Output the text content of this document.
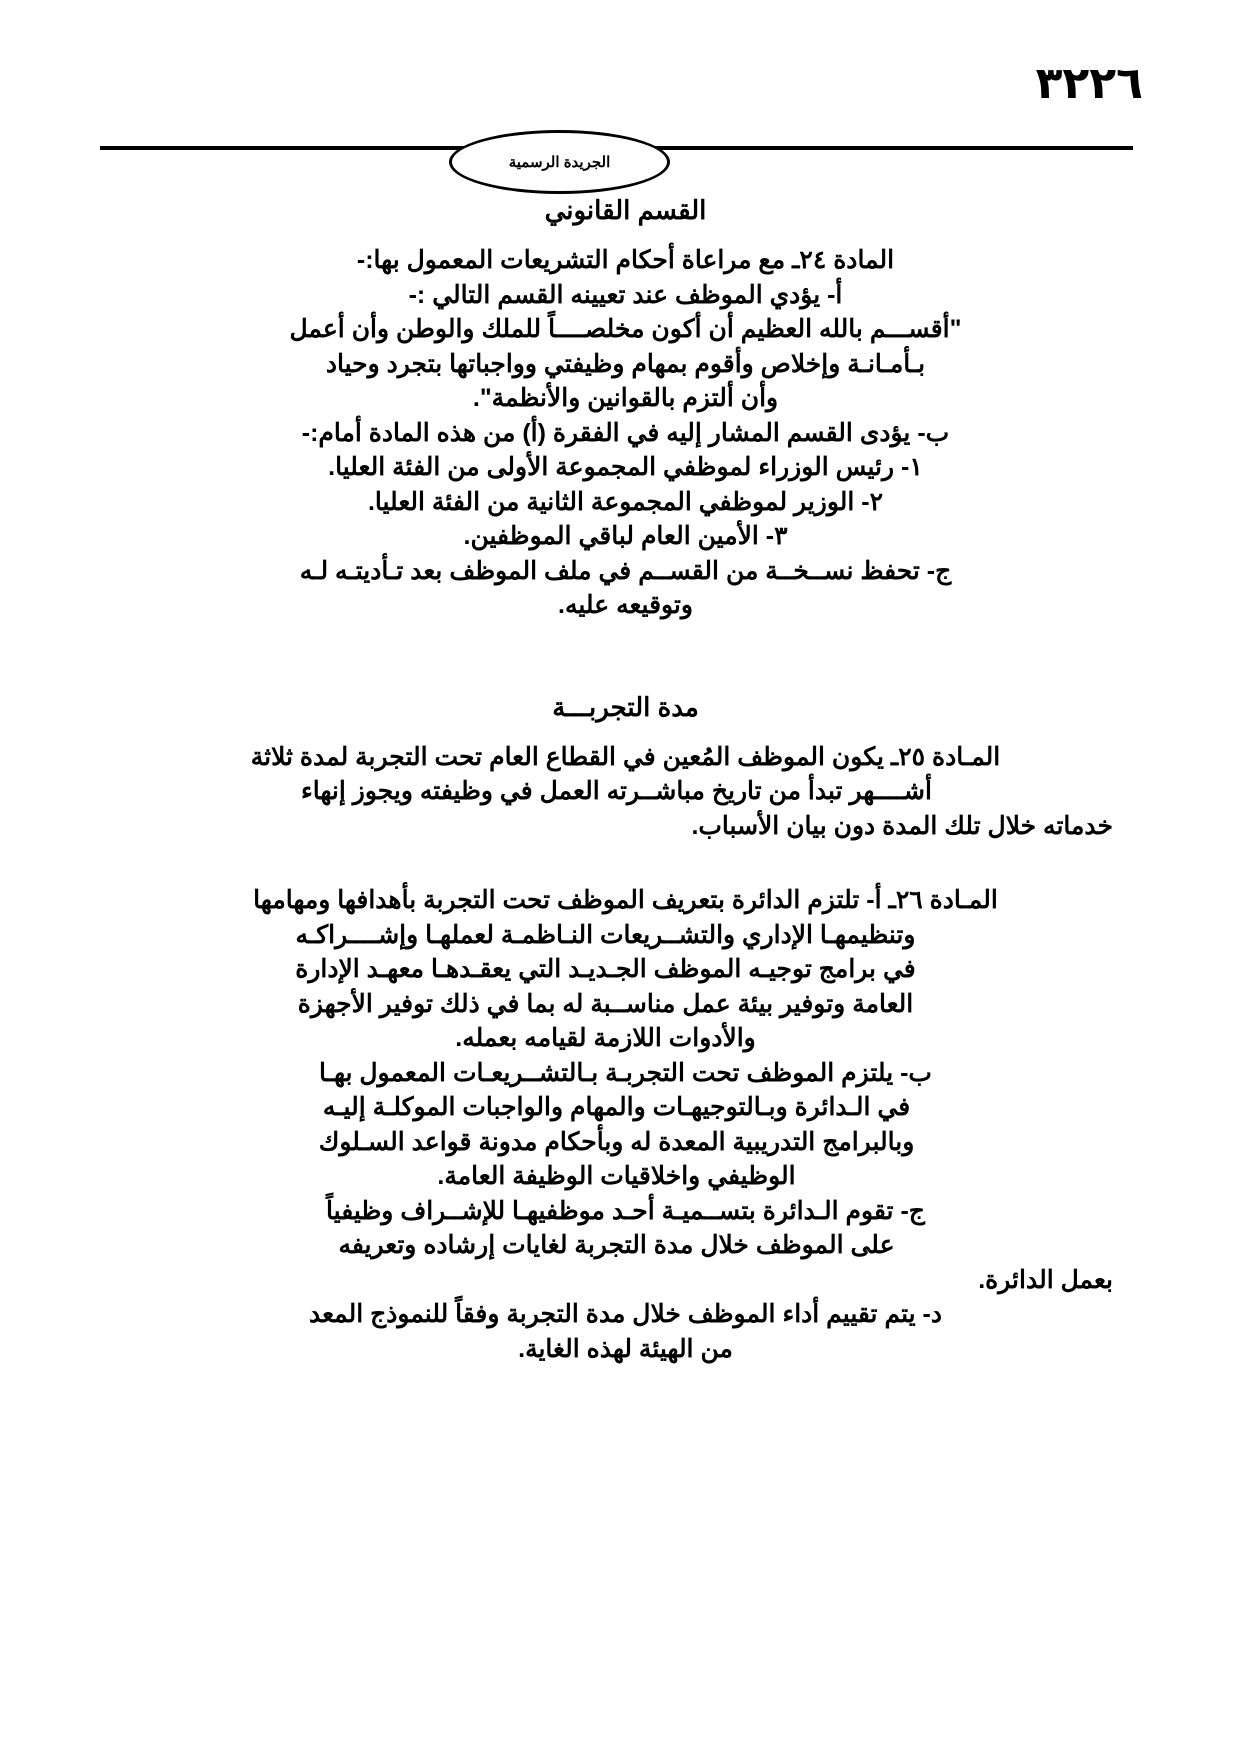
٣٢٢٦
الجريدة الرسمية
القسم القانوني

المادة ٢٤ـ مع مراعاة أحكام التشريعات المعمول بها:-

أ- يؤدي الموظف عند تعيينه القسم التالي :-

"أقســـم بالله العظيم أن أكون مخلصــــاً للملك والوطن وأن أعمل

بـأمـانـة وإخلاص وأقوم بمهام وظيفتي وواجباتها بتجرد وحياد

وأن ألتزم بالقوانين والأنظمة".

ب- يؤدى القسم المشار إليه في الفقرة (أ) من هذه المادة أمام:-

١- رئيس الوزراء لموظفي المجموعة الأولى من الفئة العليا.

٢- الوزير لموظفي المجموعة الثانية من الفئة العليا.

٣- الأمين العام لباقي الموظفين.

ج- تحفظ نســخــة من القســم في ملف الموظف بعد تـأديتـه لـه

وتوقيعه عليه.

مدة التجربـــة

المـادة ٢٥ـ يكون الموظف المُعين في القطاع العام تحت التجربة لمدة ثلاثة

أشــــهر تبدأ من تاريخ مباشــرته العمل في وظيفته ويجوز إنهاء

خدماته خلال تلك المدة دون بيان الأسباب.

المـادة ٢٦ـ أ- تلتزم الدائرة بتعريف الموظف تحت التجربة بأهدافها ومهامها

وتنظيمهـا الإداري والتشــريعات النـاظمـة لعملهـا وإشــــراكـه

في برامج توجيـه الموظف الجـديـد التي يعقـدهـا معهـد الإدارة

العامة وتوفير بيئة عمل مناســبة له بما في ذلك توفير الأجهزة

والأدوات اللازمة لقيامه بعمله.

ب- يلتزم الموظف تحت التجربـة بـالتشــريعـات المعمول بهـا

في الـدائرة وبـالتوجيهـات والمهام والواجبات الموكلـة إليـه

وبالبرامج التدريبية المعدة له وبأحكام مدونة قواعد السـلوك

الوظيفي واخلاقيات الوظيفة العامة.

ج- تقوم الـدائرة بتســميـة أحـد موظفيهـا للإشــراف وظيفياً

على الموظف خلال مدة التجربة لغايات إرشاده وتعريفه

بعمل الدائرة.

د- يتم تقييم أداء الموظف خلال مدة التجربة وفقاً للنموذج المعد

من الهيئة لهذه الغاية.
